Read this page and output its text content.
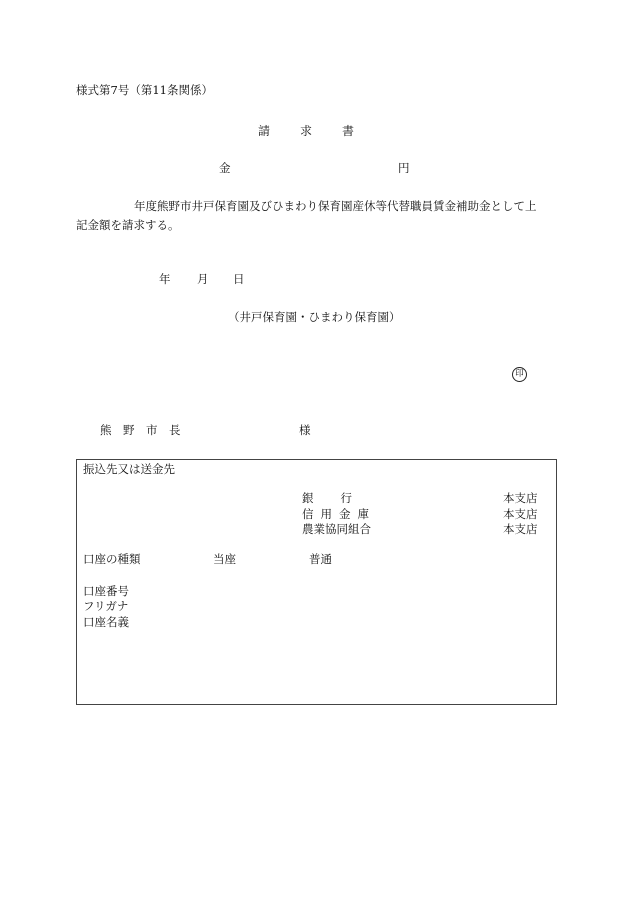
様式第7号（第11条関係）
請求書
金	円
年度熊野市井戸保育園及びひまわり保育園産休等代替職員賃金補助金として上記金額を請求する。
年 月 日
（井戸保育園・ひまわり保育園）
印
熊　野　市　長	様
振込先又は送金先
銀行	本支店
信用金庫	本支店
農業協同組合	本支店
口座の種類	当座	普通
口座番号
フリガナ
口座名義
